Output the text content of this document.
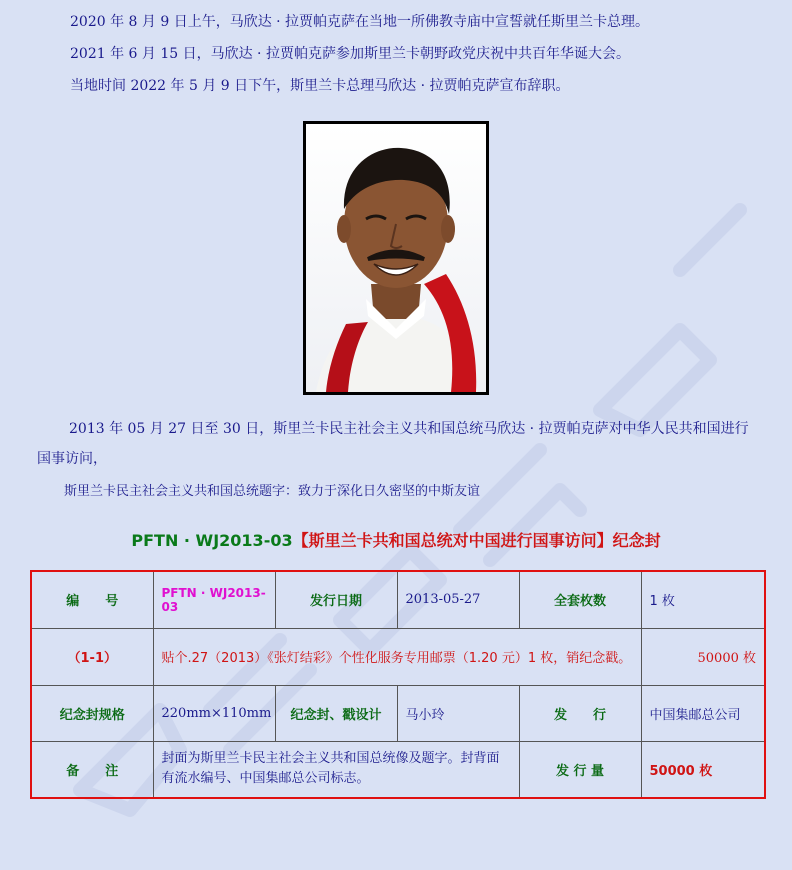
2020 年 8 月 9 日上午，马欣达 · 拉贾帕克萨在当地一所佛教寺庙中宣誓就任斯里兰卡总理。
2021 年 6 月 15 日，马欣达 · 拉贾帕克萨参加斯里兰卡朝野政党庆祝中共百年华诞大会。
当地时间 2022 年 5 月 9 日下午，斯里兰卡总理马欣达 · 拉贾帕克萨宣布辞职。
2013 年 05 月 27 日至 30 日，斯里兰卡民主社会主义共和国总统马欣达 · 拉贾帕克萨对中华人民共和国进行国事访问，
斯里兰卡民主社会主义共和国总统题字：致力于深化日久密坚的中斯友谊
PFTN · WJ2013-03【斯里兰卡共和国总统对中国进行国事访问】纪念封
编　　号	PFTN · WJ2013-03	发行日期	2013-05-27	全套枚数	1 枚
（1-1）	贴个.27（2013）《张灯结彩》个性化服务专用邮票（1.20 元）1 枚，销纪念戳。				50000 枚
纪念封规格	220mm×110mm	纪念封、戳设计	马小玲	发　　行	中国集邮总公司
备　　注	封面为斯里兰卡民主社会主义共和国总统像及题字。封背面有流水编号、中国集邮总公司标志。			发 行 量	50000 枚
